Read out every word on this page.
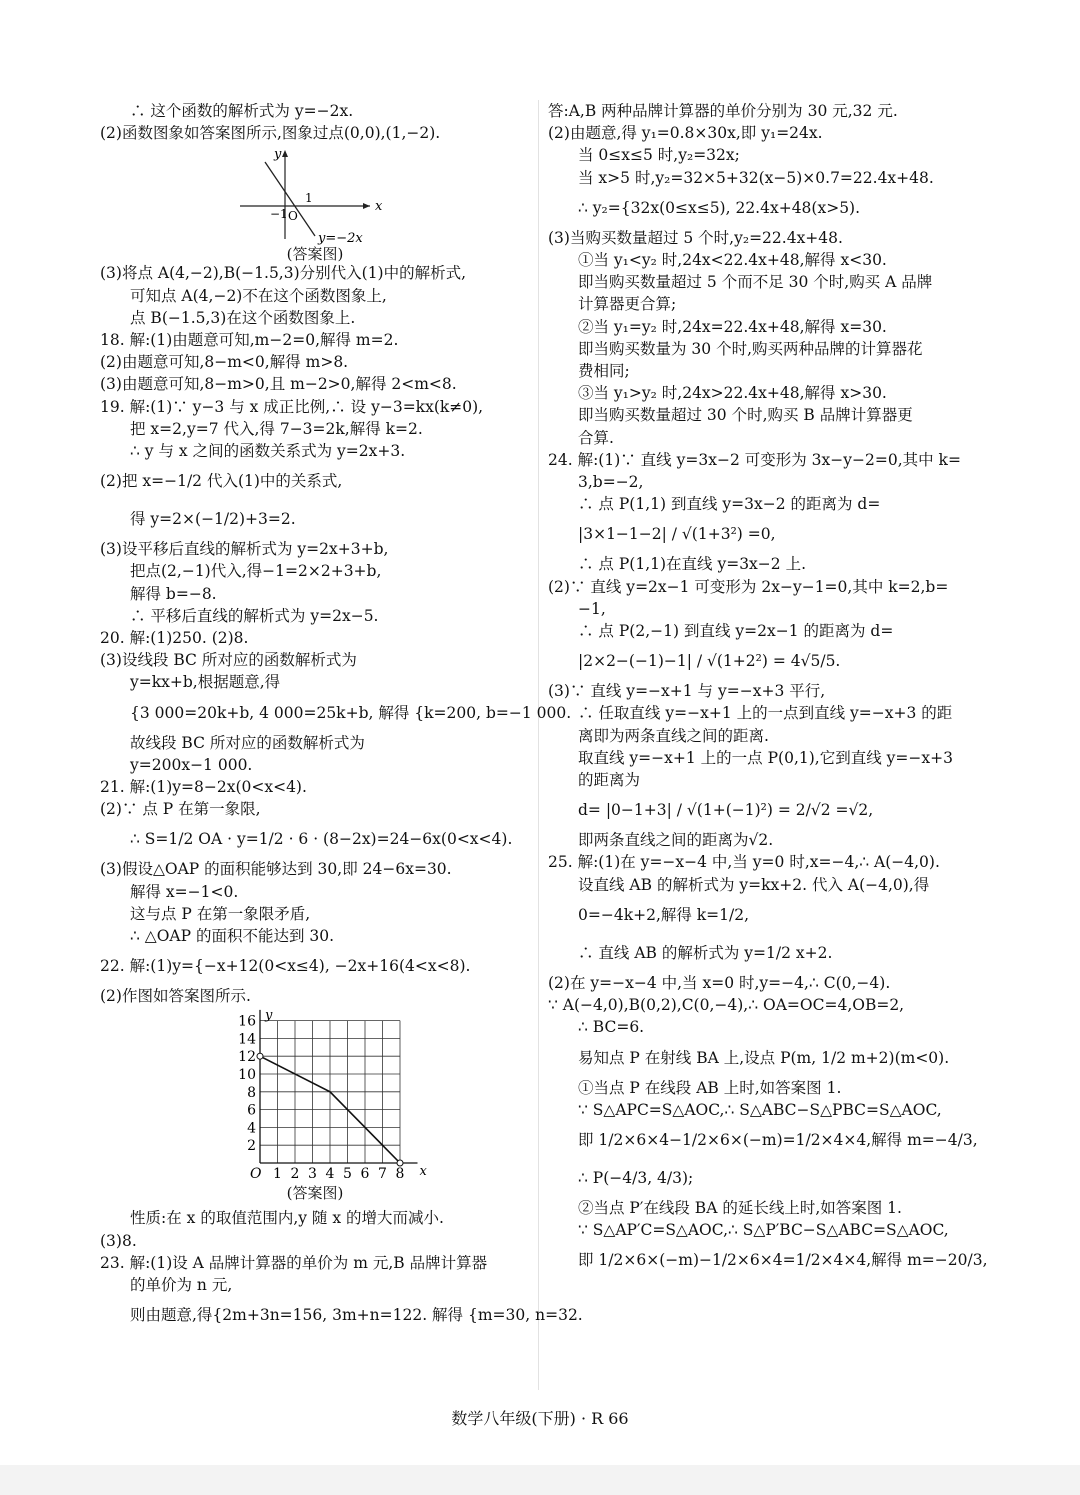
∴ 这个函数的解析式为 y=−2x.
(2)函数图象如答案图所示,图象过点(0,0),(1,−2).
O
1
−1
y
x
y=−2x
(答案图)
(3)将点 A(4,−2),B(−1.5,3)分别代入(1)中的解析式,
可知点 A(4,−2)不在这个函数图象上,
点 B(−1.5,3)在这个函数图象上.
18. 解:(1)由题意可知,m−2=0,解得 m=2.
(2)由题意可知,8−m<0,解得 m>8.
(3)由题意可知,8−m>0,且 m−2>0,解得 2<m<8.
19. 解:(1)∵ y−3 与 x 成正比例,∴ 设 y−3=kx(k≠0),
把 x=2,y=7 代入,得 7−3=2k,解得 k=2.
∴ y 与 x 之间的函数关系式为 y=2x+3.
(2)把 x=−1/2 代入(1)中的关系式,
得 y=2×(−1/2)+3=2.
(3)设平移后直线的解析式为 y=2x+3+b,
把点(2,−1)代入,得−1=2×2+3+b,
解得 b=−8.
∴ 平移后直线的解析式为 y=2x−5.
20. 解:(1)250. (2)8.
(3)设线段 BC 所对应的函数解析式为
y=kx+b,根据题意,得
{3 000=20k+b, 4 000=25k+b, 解得 {k=200, b=−1 000.
故线段 BC 所对应的函数解析式为
y=200x−1 000.
21. 解:(1)y=8−2x(0<x<4).
(2)∵ 点 P 在第一象限,
∴ S=1/2 OA · y=1/2 · 6 · (8−2x)=24−6x(0<x<4).
(3)假设△OAP 的面积能够达到 30,即 24−6x=30.
解得 x=−1<0.
这与点 P 在第一象限矛盾,
∴ △OAP 的面积不能达到 30.
22. 解:(1)y={−x+12(0<x≤4), −2x+16(4<x<8).
(2)作图如答案图所示.
2
4
6
8
10
12
14
16
1 2 3 4 5 6 7 8
O
y
x
(答案图)
性质:在 x 的取值范围内,y 随 x 的增大而减小.
(3)8.
23. 解:(1)设 A 品牌计算器的单价为 m 元,B 品牌计算器
的单价为 n 元,
则由题意,得{2m+3n=156, 3m+n=122. 解得 {m=30, n=32.
答:A,B 两种品牌计算器的单价分别为 30 元,32 元.
(2)由题意,得 y₁=0.8×30x,即 y₁=24x.
当 0≤x≤5 时,y₂=32x;
当 x>5 时,y₂=32×5+32(x−5)×0.7=22.4x+48.
∴ y₂={32x(0≤x≤5), 22.4x+48(x>5).
(3)当购买数量超过 5 个时,y₂=22.4x+48.
①当 y₁<y₂ 时,24x<22.4x+48,解得 x<30.
即当购买数量超过 5 个而不足 30 个时,购买 A 品牌
计算器更合算;
②当 y₁=y₂ 时,24x=22.4x+48,解得 x=30.
即当购买数量为 30 个时,购买两种品牌的计算器花
费相同;
③当 y₁>y₂ 时,24x>22.4x+48,解得 x>30.
即当购买数量超过 30 个时,购买 B 品牌计算器更
合算.
24. 解:(1)∵ 直线 y=3x−2 可变形为 3x−y−2=0,其中 k=
3,b=−2,
∴ 点 P(1,1) 到直线 y=3x−2 的距离为 d=
|3×1−1−2| / √(1+3²) =0,
∴ 点 P(1,1)在直线 y=3x−2 上.
(2)∵ 直线 y=2x−1 可变形为 2x−y−1=0,其中 k=2,b=
−1,
∴ 点 P(2,−1) 到直线 y=2x−1 的距离为 d=
|2×2−(−1)−1| / √(1+2²) = 4√5/5.
(3)∵ 直线 y=−x+1 与 y=−x+3 平行,
∴ 任取直线 y=−x+1 上的一点到直线 y=−x+3 的距
离即为两条直线之间的距离.
取直线 y=−x+1 上的一点 P(0,1),它到直线 y=−x+3
的距离为
d= |0−1+3| / √(1+(−1)²) = 2/√2 =√2,
即两条直线之间的距离为√2.
25. 解:(1)在 y=−x−4 中,当 y=0 时,x=−4,∴ A(−4,0).
设直线 AB 的解析式为 y=kx+2. 代入 A(−4,0),得
0=−4k+2,解得 k=1/2,
∴ 直线 AB 的解析式为 y=1/2 x+2.
(2)在 y=−x−4 中,当 x=0 时,y=−4,∴ C(0,−4).
∵ A(−4,0),B(0,2),C(0,−4),∴ OA=OC=4,OB=2,
∴ BC=6.
易知点 P 在射线 BA 上,设点 P(m, 1/2 m+2)(m<0).
①当点 P 在线段 AB 上时,如答案图 1.
∵ S△APC=S△AOC,∴ S△ABC−S△PBC=S△AOC,
即 1/2×6×4−1/2×6×(−m)=1/2×4×4,解得 m=−4/3,
∴ P(−4/3, 4/3);
②当点 P′在线段 BA 的延长线上时,如答案图 1.
∵ S△AP′C=S△AOC,∴ S△P′BC−S△ABC=S△AOC,
即 1/2×6×(−m)−1/2×6×4=1/2×4×4,解得 m=−20/3,
数学八年级(下册) · R 66
